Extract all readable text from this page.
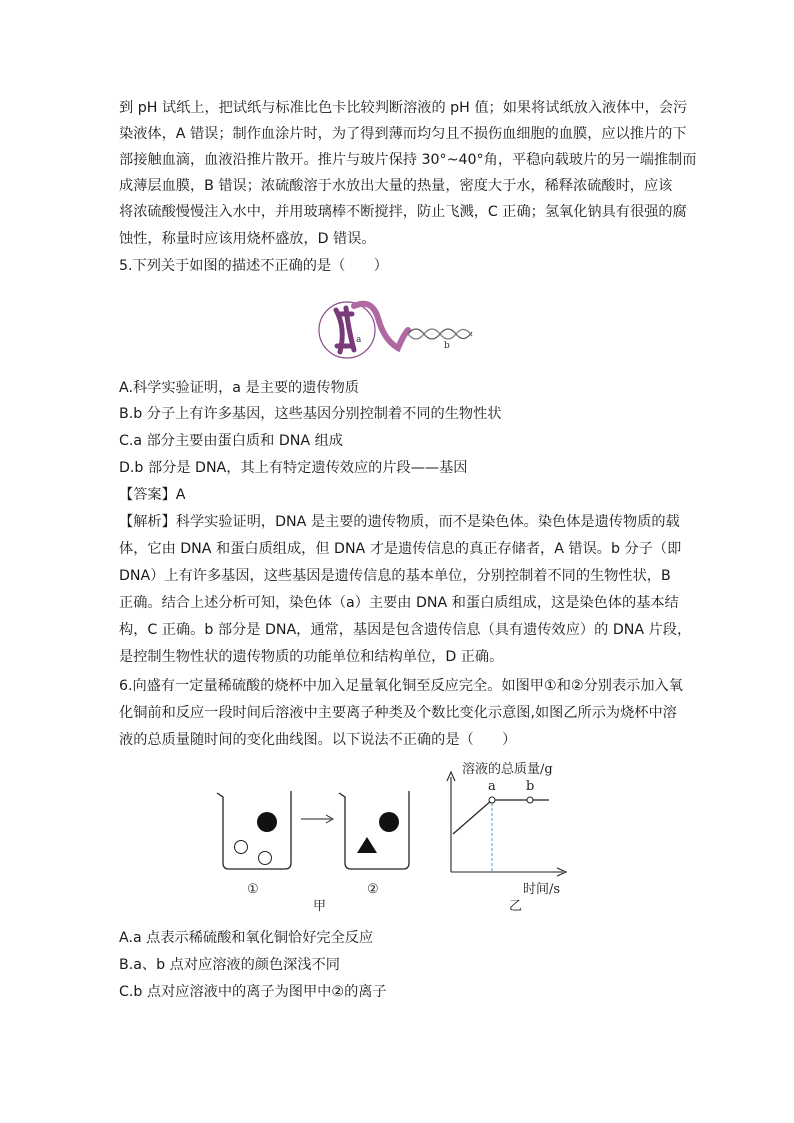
到 pH 试纸上，把试纸与标准比色卡比较判断溶液的 pH 值；如果将试纸放入液体中，会污
染液体，A 错误；制作血涂片时，为了得到薄而均匀且不损伤血细胞的血膜，应以推片的下
部接触血滴，血液沿推片散开。推片与玻片保持 30°~40°角，平稳向载玻片的另一端推制而
成薄层血膜，B 错误；浓硫酸溶于水放出大量的热量，密度大于水，稀释浓硫酸时，应该
将浓硫酸慢慢注入水中，并用玻璃棒不断搅拌，防止飞溅，C 正确；氢氧化钠具有很强的腐
蚀性，称量时应该用烧杯盛放，D 错误。
5.下列关于如图的描述不正确的是（　　）
a
b
A.科学实验证明，a 是主要的遗传物质
B.b 分子上有许多基因，这些基因分别控制着不同的生物性状
C.a 部分主要由蛋白质和 DNA 组成
D.b 部分是 DNA，其上有特定遗传效应的片段——基因
【答案】A
【解析】科学实验证明，DNA 是主要的遗传物质，而不是染色体。染色体是遗传物质的载
体，它由 DNA 和蛋白质组成，但 DNA 才是遗传信息的真正存储者，A 错误。b 分子（即
DNA）上有许多基因，这些基因是遗传信息的基本单位，分别控制着不同的生物性状，B
正确。结合上述分析可知，染色体（a）主要由 DNA 和蛋白质组成，这是染色体的基本结
构，C 正确。b 部分是 DNA，通常，基因是包含遗传信息（具有遗传效应）的 DNA 片段，
是控制生物性状的遗传物质的功能单位和结构单位，D 正确。
6.向盛有一定量稀硫酸的烧杯中加入足量氧化铜至反应完全。如图甲①和②分别表示加入氧
化铜前和反应一段时间后溶液中主要离子种类及个数比变化示意图,如图乙所示为烧杯中溶
液的总质量随时间的变化曲线图。以下说法不正确的是（　　）
①	②
甲
溶液的总质量/g
时间/s
a b
乙
A.a 点表示稀硫酸和氧化铜恰好完全反应
B.a、b 点对应溶液的颜色深浅不同
C.b 点对应溶液中的离子为图甲中②的离子
